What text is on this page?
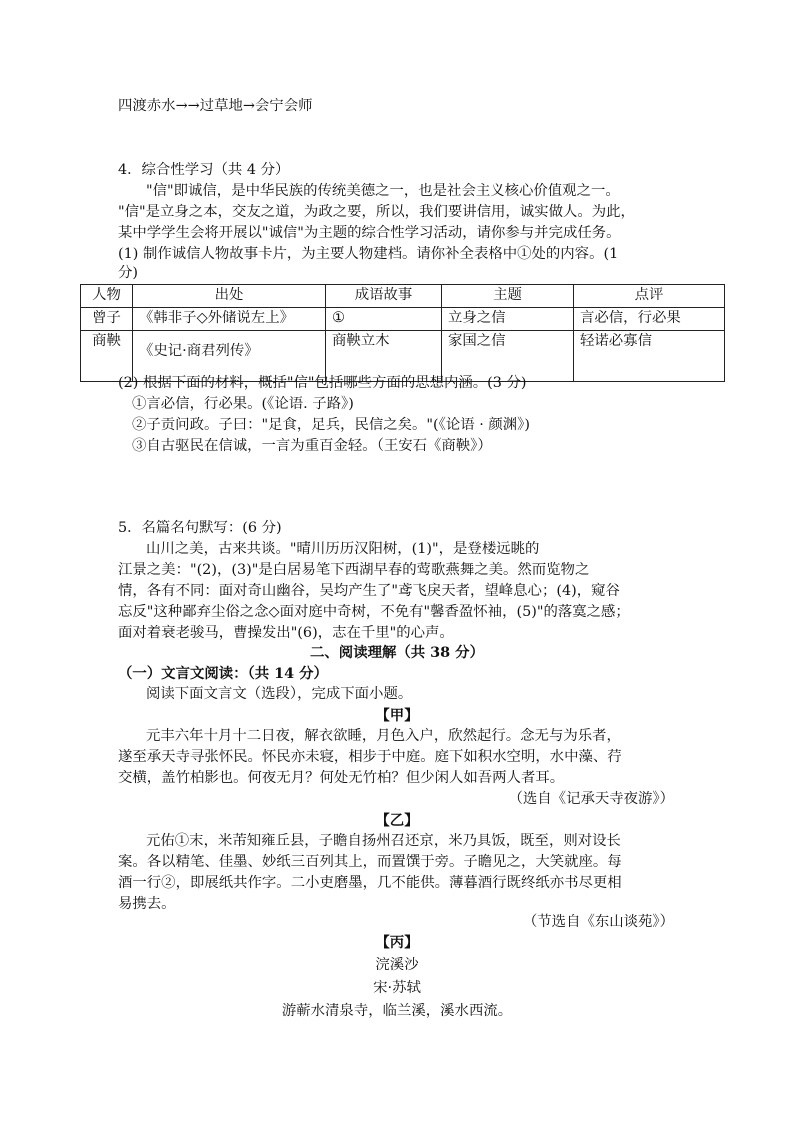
四渡赤水→→过草地→会宁会师
4．综合性学习（共 4 分）
"信"即诚信，是中华民族的传统美德之一，也是社会主义核心价值观之一。
"信"是立身之本，交友之道，为政之要，所以，我们要讲信用，诚实做人。为此，
某中学学生会将开展以"诚信"为主题的综合性学习活动，请你参与并完成任务。
(1) 制作诚信人物故事卡片，为主要人物建档。请你补全表格中①处的内容。(1
分)
人物	出处	成语故事	主题	点评
曾子	《韩非子◇外储说左上》	①	立身之信	言必信，行必果
商鞅	《史记·商君列传》	商鞅立木	家国之信	轻诺必寡信
(2) 根据下面的材料，概括"信"包括哪些方面的思想内涵。(3 分)
①言必信，行必果。(《论语. 子路》)
②子贡问政。子曰："足食，足兵，民信之矣。"(《论语 · 颜渊》)
③自古驱民在信诚，一言为重百金轻。（王安石《商鞅》）
5．名篇名句默写：(6 分)
山川之美，古来共谈。"晴川历历汉阳树，(1)"，是登楼远眺的
江景之美："(2)，(3)"是白居易笔下西湖早春的莺歌燕舞之美。然而览物之
情，各有不同：面对奇山幽谷，吴均产生了"鸢飞戾天者，望峰息心；(4)，窥谷
忘反"这种鄙弃尘俗之念◇面对庭中奇树，不免有"馨香盈怀袖，(5)"的落寞之感；
面对着衰老骏马，曹操发出"(6)，志在千里"的心声。
二、阅读理解（共 38 分）
（一）文言文阅读：（共 14 分）
阅读下面文言文（选段），完成下面小题。
【甲】
元丰六年十月十二日夜，解衣欲睡，月色入户，欣然起行。念无与为乐者，
遂至承天寺寻张怀民。怀民亦未寝，相步于中庭。庭下如积水空明，水中藻、荇
交横，盖竹柏影也。何夜无月？何处无竹柏？但少闲人如吾两人者耳。
（选自《记承天寺夜游》）
【乙】
元佑①末，米芾知雍丘县，子瞻自扬州召还京，米乃具饭，既至，则对设长
案。各以精笔、佳墨、妙纸三百列其上，而置馔于旁。子瞻见之，大笑就座。每
酒一行②，即展纸共作字。二小吏磨墨，几不能供。薄暮酒行既终纸亦书尽更相
易携去。
（节选自《东山谈苑》）
【丙】
浣溪沙
宋·苏轼
游蕲水清泉寺，临兰溪，溪水西流。
